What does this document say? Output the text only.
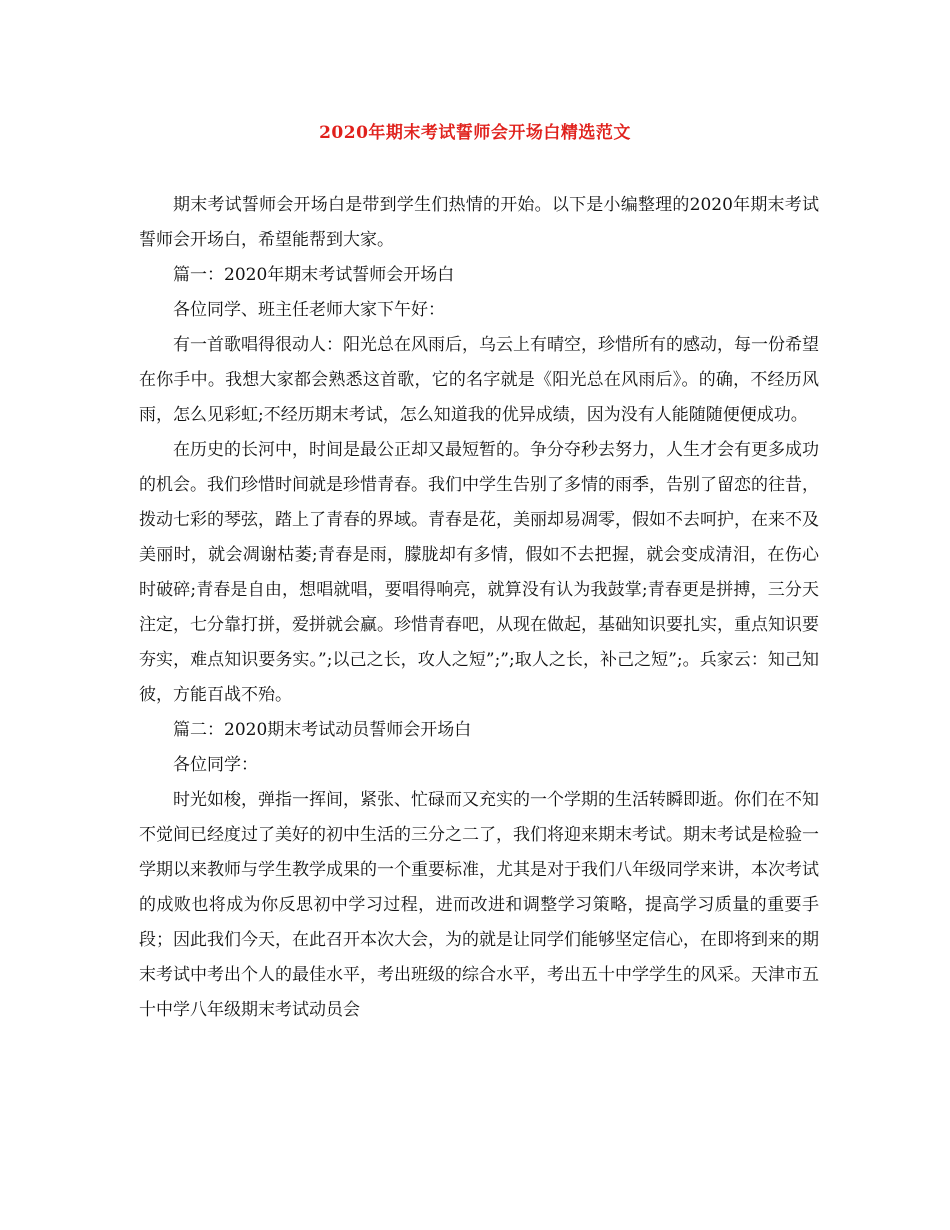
2020年期末考试誓师会开场白精选范文

期末考试誓师会开场白是带到学生们热情的开始。以下是小编整理的2020年期末考试誓师会开场白，希望能帮到大家。

篇一：2020年期末考试誓师会开场白

各位同学、班主任老师大家下午好：

有一首歌唱得很动人：阳光总在风雨后，乌云上有晴空，珍惜所有的感动，每一份希望在你手中。我想大家都会熟悉这首歌，它的名字就是《阳光总在风雨后》。的确，不经历风雨，怎么见彩虹;不经历期末考试，怎么知道我的优异成绩，因为没有人能随随便便成功。

在历史的长河中，时间是最公正却又最短暂的。争分夺秒去努力，人生才会有更多成功的机会。我们珍惜时间就是珍惜青春。我们中学生告别了多情的雨季，告别了留恋的往昔，拨动七彩的琴弦，踏上了青春的界域。青春是花，美丽却易凋零，假如不去呵护，在来不及美丽时，就会凋谢枯萎;青春是雨，朦胧却有多情，假如不去把握，就会变成清泪，在伤心时破碎;青春是自由，想唱就唱，要唱得响亮，就算没有认为我鼓掌;青春更是拼搏，三分天注定，七分靠打拼，爱拼就会赢。珍惜青春吧，从现在做起，基础知识要扎实，重点知识要夯实，难点知识要务实。”;以己之长，攻人之短”;”;取人之长，补己之短”;。兵家云：知己知彼，方能百战不殆。

篇二：2020期末考试动员誓师会开场白

各位同学：

时光如梭，弹指一挥间，紧张、忙碌而又充实的一个学期的生活转瞬即逝。你们在不知不觉间已经度过了美好的初中生活的三分之二了，我们将迎来期末考试。期末考试是检验一学期以来教师与学生教学成果的一个重要标准，尤其是对于我们八年级同学来讲，本次考试的成败也将成为你反思初中学习过程，进而改进和调整学习策略，提高学习质量的重要手段；因此我们今天，在此召开本次大会，为的就是让同学们能够坚定信心，在即将到来的期末考试中考出个人的最佳水平，考出班级的综合水平，考出五十中学学生的风采。天津市五十中学八年级期末考试动员会
